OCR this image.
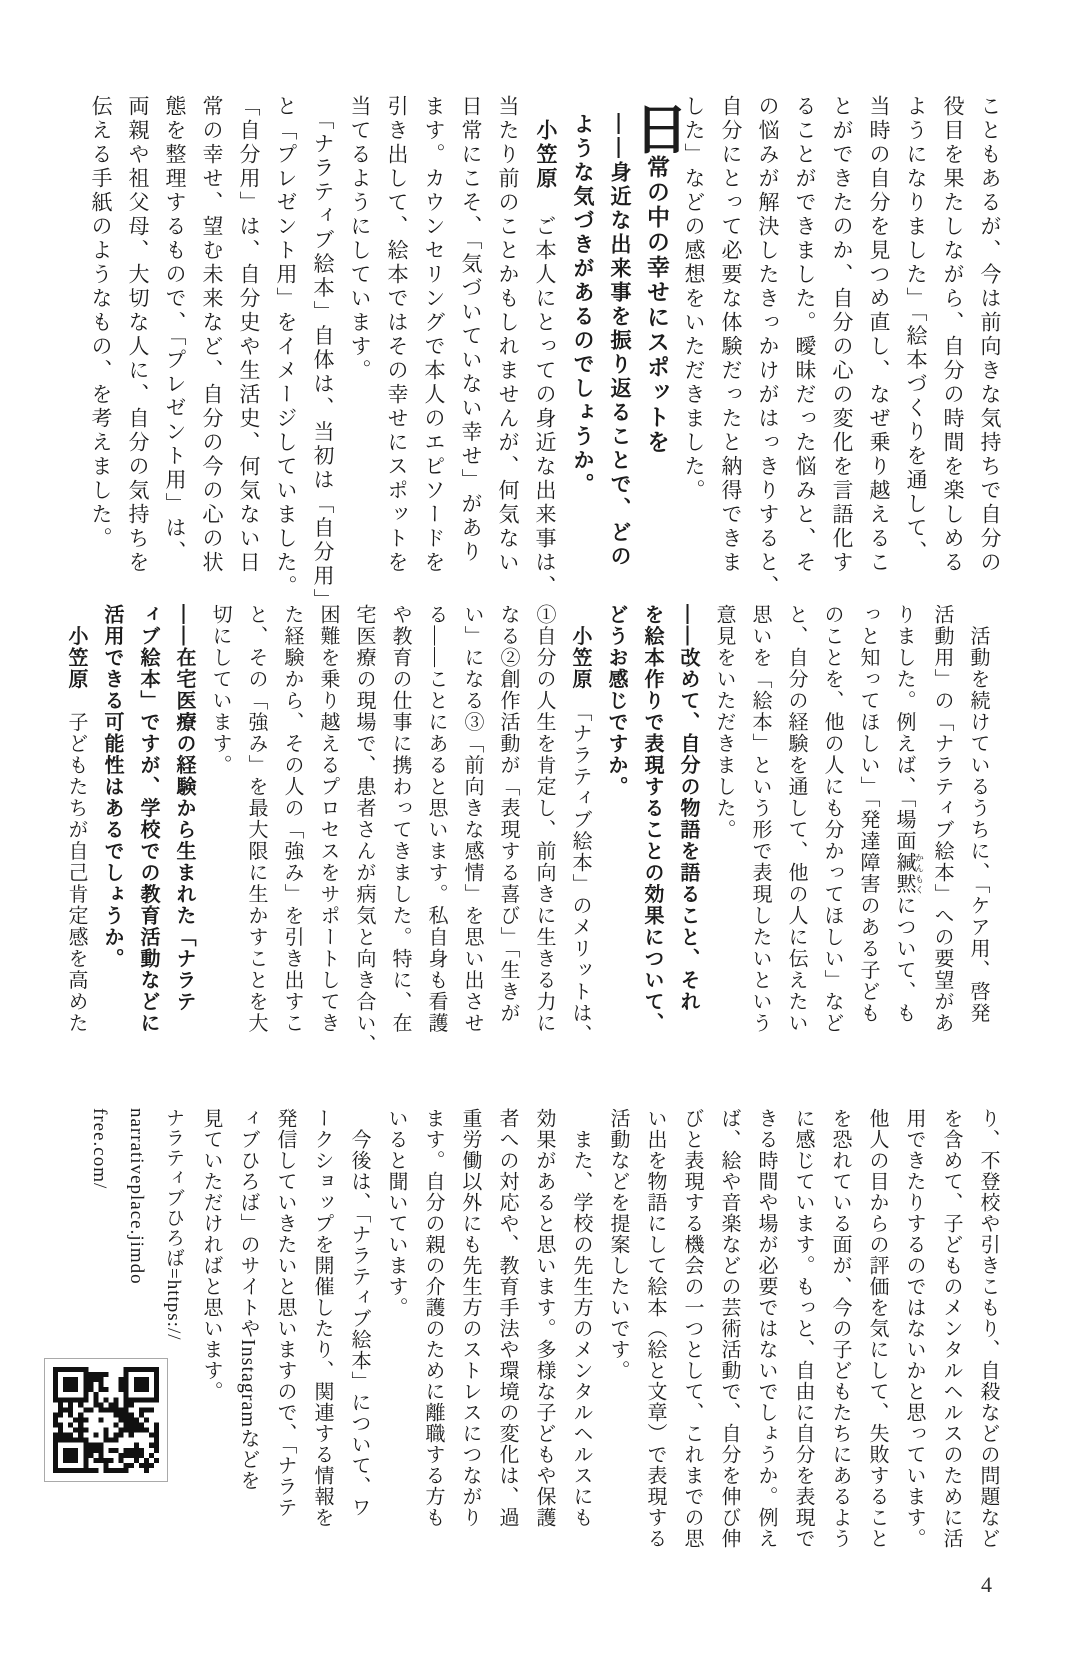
こともあるが、今は前向きな気持ちで自分の
役目を果たしながら、自分の時間を楽しめる
ようになりました」「絵本づくりを通して、
当時の自分を見つめ直し、なぜ乗り越えるこ
とができたのか、自分の心の変化を言語化す
ることができました。曖昧だった悩みと、そ
の悩みが解決したきっかけがはっきりすると、
自分にとって必要な体験だったと納得できま
した」などの感想をいただきました。
日常の中の幸せにスポットを
――身近な出来事を振り返ることで、どの
ような気づきがあるのでしょうか。
　小笠原　ご本人にとっての身近な出来事は、
当たり前のことかもしれませんが、何気ない
日常にこそ、「気づいていない幸せ」があり
ます。カウンセリングで本人のエピソードを
引き出して、絵本ではその幸せにスポットを
当てるようにしています。
　「ナラティブ絵本」自体は、当初は「自分用」
と「プレゼント用」をイメージしていました。
「自分用」は、自分史や生活史、何気ない日
常の幸せ、望む未来など、自分の今の心の状
態を整理するもので、「プレゼント用」は、
両親や祖父母、大切な人に、自分の気持ちを
伝える手紙のようなもの、を考えました。
　活動を続けているうちに、「ケア用、啓発
活動用」の「ナラティブ絵本」への要望があ
りました。例えば、「場面緘黙 かんもくについて、も
っと知ってほしい」「発達障害のある子ども
のことを、他の人にも分かってほしい」など
と、自分の経験を通して、他の人に伝えたい
思いを「絵本」という形で表現したいという
意見をいただきました。
――改めて、自分の物語を語ること、それ
を絵本作りで表現することの効果について、
どうお感じですか。
　小笠原　「ナラティブ絵本」のメリットは、
①自分の人生を肯定し、前向きに生きる力に
なる②創作活動が「表現する喜び」「生きが
い」になる③「前向きな感情」を思い出させ
る――ことにあると思います。私自身も看護
や教育の仕事に携わってきました。特に、在
宅医療の現場で、患者さんが病気と向き合い、
困難を乗り越えるプロセスをサポートしてき
た経験から、その人の「強み」を引き出すこ
と、その「強み」を最大限に生かすことを大
切にしています。
――在宅医療の経験から生まれた「ナラテ
ィブ絵本」ですが、学校での教育活動などに
活用できる可能性はあるでしょうか。
　小笠原　子どもたちが自己肯定感を高めた
り、不登校や引きこもり、自殺などの問題など
を含めて、子どものメンタルヘルスのために活
用できたりするのではないかと思っています。
他人の目からの評価を気にして、失敗すること
を恐れている面が、今の子どもたちにあるよう
に感じています。もっと、自由に自分を表現で
きる時間や場が必要ではないでしょうか。例え
ば、絵や音楽などの芸術活動で、自分を伸び伸
びと表現する機会の一つとして、これまでの思
い出を物語にして絵本（絵と文章）で表現する
活動などを提案したいです。
　また、学校の先生方のメンタルヘルスにも
効果があると思います。多様な子どもや保護
者への対応や、教育手法や環境の変化は、過
重労働以外にも先生方のストレスにつながり
ます。自分の親の介護のために離職する方も
いると聞いています。
　今後は、「ナラティブ絵本」について、ワ
ークショップを開催したり、関連する情報を
発信していきたいと思いますので、「ナラテ
ィブひろば」のサイトやInstagramなどを
見ていただければと思います。
ナラティブひろば=https://
narrativeplace.jimdo
free.com/
4
